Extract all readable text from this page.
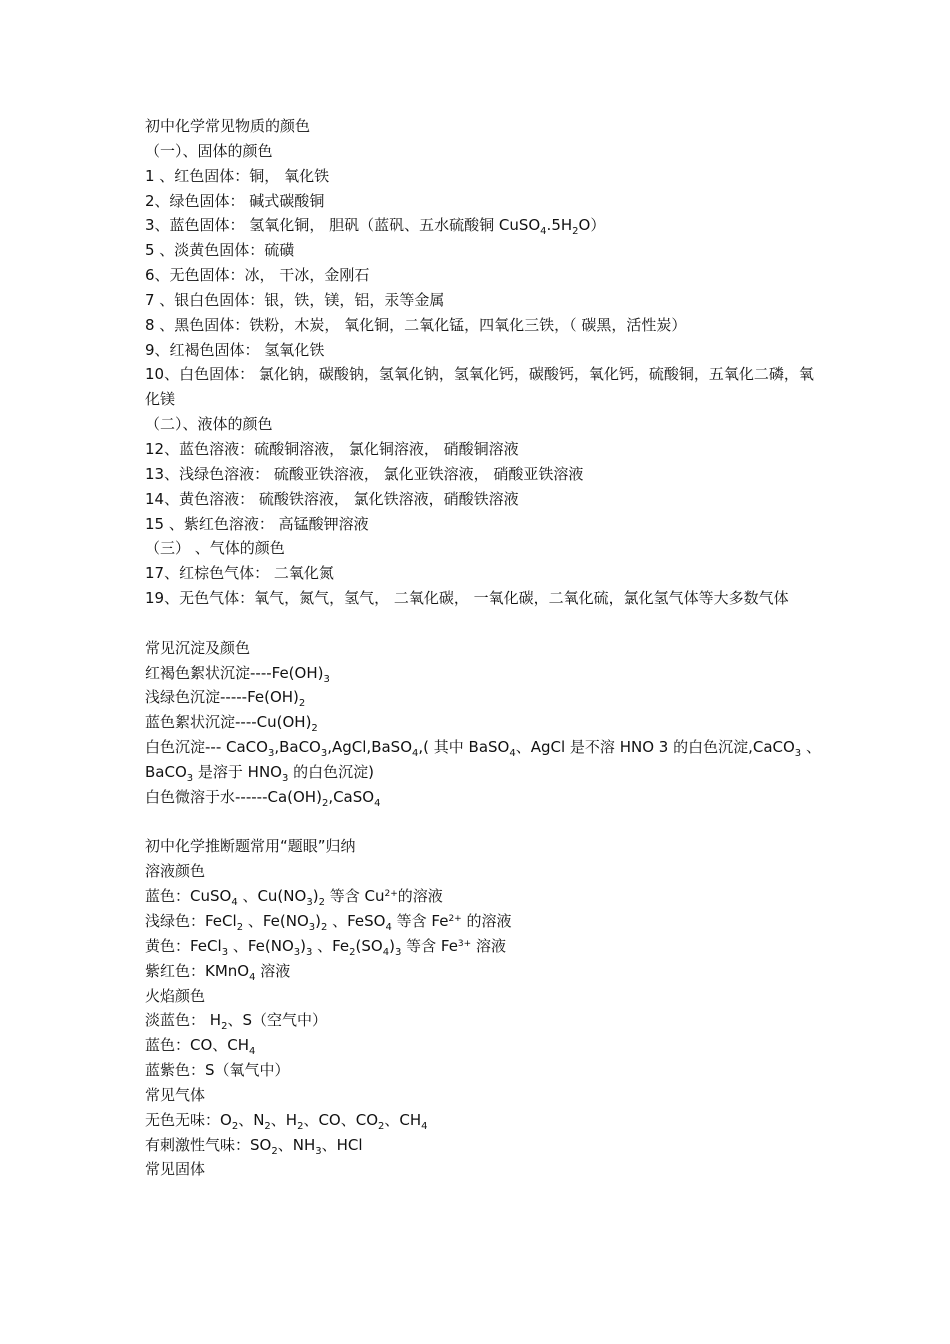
初中化学常见物质的颜色
（一）、固体的颜色
1 、红色固体：铜， 氧化铁
2、绿色固体： 碱式碳酸铜
3、蓝色固体： 氢氧化铜， 胆矾（蓝矾、五水硫酸铜 $CuSO_4.5H_2O$）
5 、淡黄色固体：硫磺
6、无色固体：冰， 干冰，金刚石
7 、银白色固体：银，铁，镁，铝，汞等金属
8 、黑色固体：铁粉，木炭， 氧化铜，二氧化锰，四氧化三铁，（ 碳黑，活性炭）
9、红褐色固体： 氢氧化铁
10、白色固体： 氯化钠，碳酸钠，氢氧化钠，氢氧化钙，碳酸钙，氧化钙，硫酸铜，五氧化二磷，氧化镁
（二）、液体的颜色
12、蓝色溶液：硫酸铜溶液， 氯化铜溶液， 硝酸铜溶液
13、浅绿色溶液： 硫酸亚铁溶液， 氯化亚铁溶液， 硝酸亚铁溶液
14、黄色溶液： 硫酸铁溶液， 氯化铁溶液，硝酸铁溶液
15 、紫红色溶液： 高锰酸钾溶液
（三） 、气体的颜色
17、红棕色气体： 二氧化氮
19、无色气体：氧气，氮气，氢气， 二氧化碳， 一氧化碳，二氧化硫，氯化氢气体等大多数气体
常见沉淀及颜色
红褐色絮状沉淀$----Fe(OH)_3$
浅绿色沉淀$-----Fe(OH)_2$
蓝色絮状沉淀$----Cu(OH)_2$
白色沉淀--- CaCO$_3$,BaCO$_3$,AgCl,BaSO$_4$,( 其中 BaSO$_4$、AgCl 是不溶 HNO 3 的白色沉淀,CaCO$_3$ 、BaCO$_3$ 是溶于 $HNO_3$ 的白色沉淀)
白色微溶于水$------Ca(OH)_2,CaSO_4$
初中化学推断题常用“题眼”归纳
溶液颜色
蓝色：CuSO$_4$ 、$Cu(NO_3)_2$ 等含 $Cu^{2+}$的溶液
浅绿色：FeCl$_2$ 、$Fe(NO_3)_2$ 、FeSO$_4$ 等含 $Fe^{2+}$ 的溶液
黄色：FeCl$_3$ 、$Fe(NO_3)_3$ 、$Fe_2(SO_4)_3$ 等含 $Fe^{3+}$ 溶液
紫红色：KMnO$_4$ 溶液
火焰颜色
淡蓝色： $H_2$、S（空气中）
蓝色：CO、$CH_4$
蓝紫色：S（氧气中）
常见气体
无色无味：$O_2$、$N_2$、$H_2$、CO、$CO_2$、$CH_4$
有刺激性气味：$SO_2$、$NH_3$、HCl
常见固体
